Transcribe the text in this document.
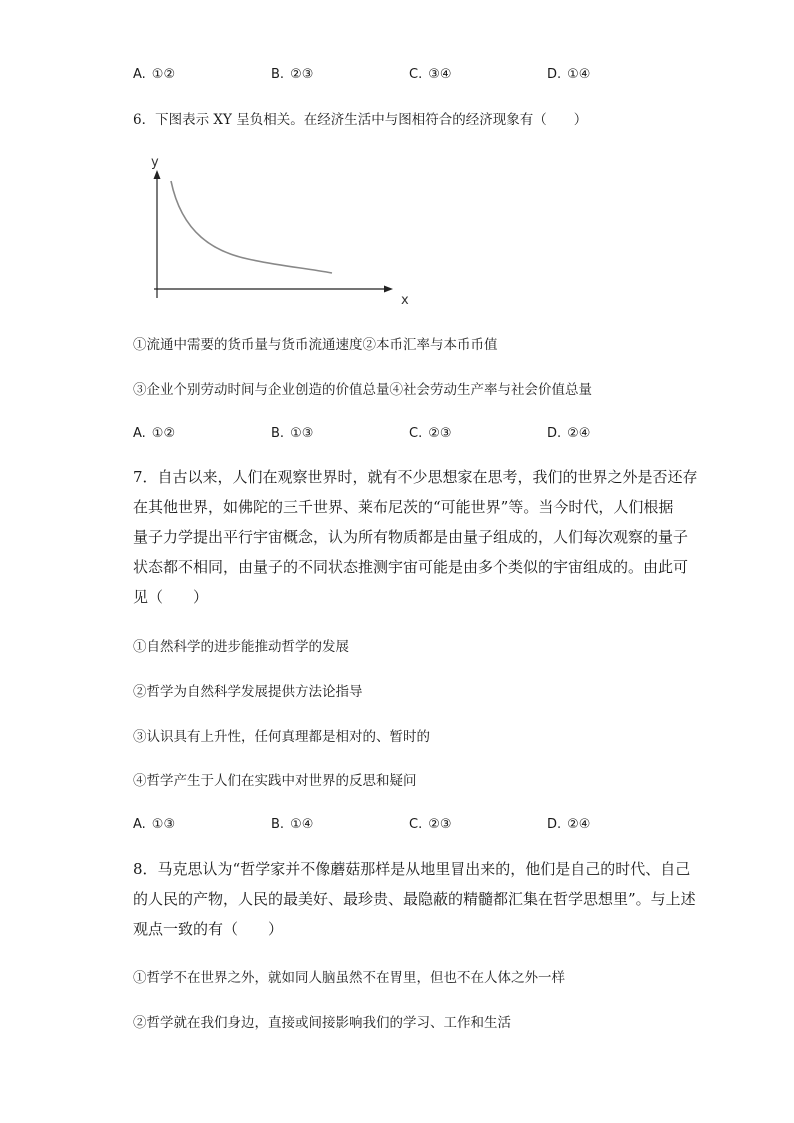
A. ①②	B. ②③	C. ③④	D. ①④
6．下图表示 XY 呈负相关。在经济生活中与图相符合的经济现象有（　　）
y
x
①流通中需要的货币量与货币流通速度②本币汇率与本币币值
③企业个别劳动时间与企业创造的价值总量④社会劳动生产率与社会价值总量
A. ①②	B. ①③	C. ②③	D. ②④
7．自古以来，人们在观察世界时，就有不少思想家在思考，我们的世界之外是否还存
在其他世界，如佛陀的三千世界、莱布尼茨的“可能世界”等。当今时代，人们根据
量子力学提出平行宇宙概念，认为所有物质都是由量子组成的，人们每次观察的量子
状态都不相同，由量子的不同状态推测宇宙可能是由多个类似的宇宙组成的。由此可
见（　　）
①自然科学的进步能推动哲学的发展
②哲学为自然科学发展提供方法论指导
③认识具有上升性，任何真理都是相对的、暂时的
④哲学产生于人们在实践中对世界的反思和疑问
A. ①③	B. ①④	C. ②③	D. ②④
8．马克思认为“哲学家并不像蘑菇那样是从地里冒出来的，他们是自己的时代、自己
的人民的产物，人民的最美好、最珍贵、最隐蔽的精髓都汇集在哲学思想里”。与上述
观点一致的有（　　）
①哲学不在世界之外，就如同人脑虽然不在胃里，但也不在人体之外一样
②哲学就在我们身边，直接或间接影响我们的学习、工作和生活
